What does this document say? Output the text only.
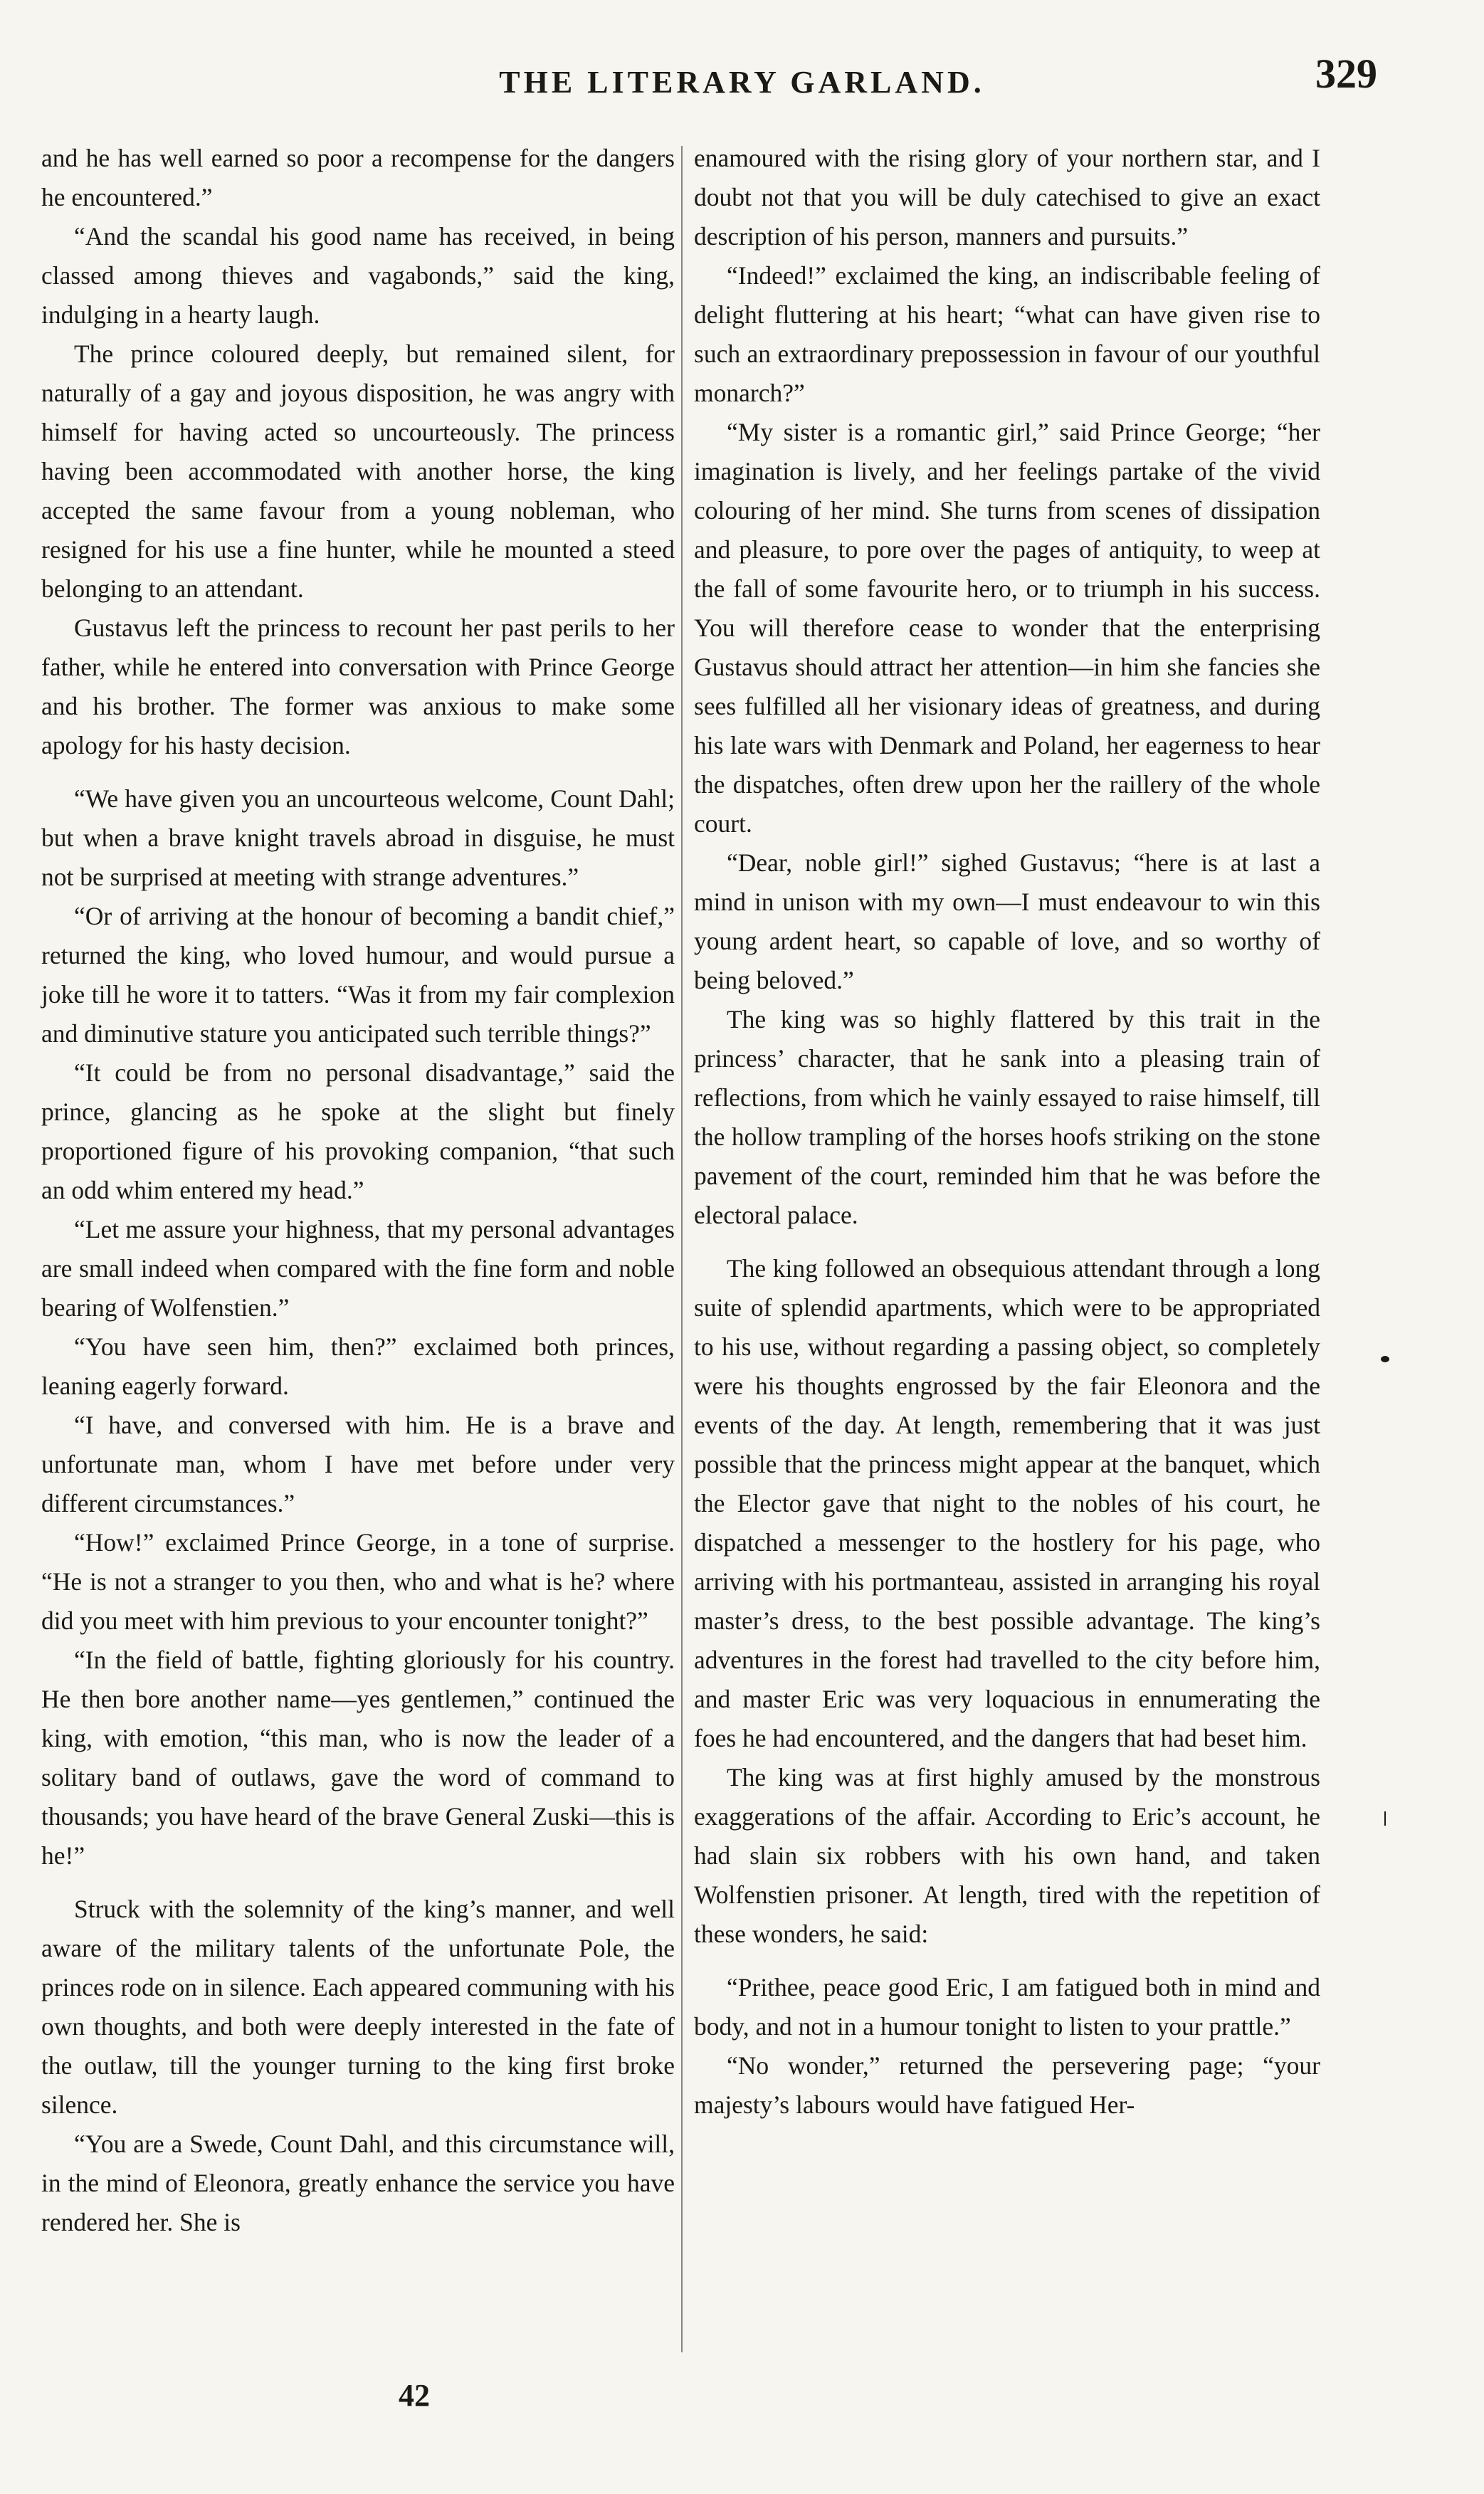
THE LITERARY GARLAND.	329

and he has well earned so poor a recompense for the dangers he encountered.”

“And the scandal his good name has received, in being classed among thieves and vagabonds,” said the king, indulging in a hearty laugh.

The prince coloured deeply, but remained silent, for naturally of a gay and joyous disposition, he was angry with himself for having acted so uncourteously. The princess having been accommodated with another horse, the king accepted the same favour from a young nobleman, who resigned for his use a fine hunter, while he mounted a steed belonging to an attendant.

Gustavus left the princess to recount her past perils to her father, while he entered into conversation with Prince George and his brother. The former was anxious to make some apology for his hasty decision.

“We have given you an uncourteous welcome, Count Dahl; but when a brave knight travels abroad in disguise, he must not be surprised at meeting with strange adventures.”

“Or of arriving at the honour of becoming a bandit chief,” returned the king, who loved humour, and would pursue a joke till he wore it to tatters. “Was it from my fair complexion and diminutive stature you anticipated such terrible things?”

“It could be from no personal disadvantage,” said the prince, glancing as he spoke at the slight but finely proportioned figure of his provoking companion, “that such an odd whim entered my head.”

“Let me assure your highness, that my personal advantages are small indeed when compared with the fine form and noble bearing of Wolfenstien.”

“You have seen him, then?” exclaimed both princes, leaning eagerly forward.

“I have, and conversed with him. He is a brave and unfortunate man, whom I have met before under very different circumstances.”

“How!” exclaimed Prince George, in a tone of surprise. “He is not a stranger to you then, who and what is he? where did you meet with him previous to your encounter tonight?”

“In the field of battle, fighting gloriously for his country. He then bore another name—yes gentlemen,” continued the king, with emotion, “this man, who is now the leader of a solitary band of outlaws, gave the word of command to thousands; you have heard of the brave General Zuski—this is he!”

Struck with the solemnity of the king’s manner, and well aware of the military talents of the unfortunate Pole, the princes rode on in silence. Each appeared communing with his own thoughts, and both were deeply interested in the fate of the outlaw, till the younger turning to the king first broke silence.

“You are a Swede, Count Dahl, and this circumstance will, in the mind of Eleonora, greatly enhance the service you have rendered her. She is

enamoured with the rising glory of your northern star, and I doubt not that you will be duly catechised to give an exact description of his person, manners and pursuits.”

“Indeed!” exclaimed the king, an indiscribable feeling of delight fluttering at his heart; “what can have given rise to such an extraordinary prepossession in favour of our youthful monarch?”

“My sister is a romantic girl,” said Prince George; “her imagination is lively, and her feelings partake of the vivid colouring of her mind. She turns from scenes of dissipation and pleasure, to pore over the pages of antiquity, to weep at the fall of some favourite hero, or to triumph in his success. You will therefore cease to wonder that the enterprising Gustavus should attract her attention—in him she fancies she sees fulfilled all her visionary ideas of greatness, and during his late wars with Denmark and Poland, her eagerness to hear the dispatches, often drew upon her the raillery of the whole court.

“Dear, noble girl!” sighed Gustavus; “here is at last a mind in unison with my own—I must endeavour to win this young ardent heart, so capable of love, and so worthy of being beloved.”

The king was so highly flattered by this trait in the princess’ character, that he sank into a pleasing train of reflections, from which he vainly essayed to raise himself, till the hollow trampling of the horses hoofs striking on the stone pavement of the court, reminded him that he was before the electoral palace.

The king followed an obsequious attendant through a long suite of splendid apartments, which were to be appropriated to his use, without regarding a passing object, so completely were his thoughts engrossed by the fair Eleonora and the events of the day. At length, remembering that it was just possible that the princess might appear at the banquet, which the Elector gave that night to the nobles of his court, he dispatched a messenger to the hostlery for his page, who arriving with his portmanteau, assisted in arranging his royal master’s dress, to the best possible advantage. The king’s adventures in the forest had travelled to the city before him, and master Eric was very loquacious in ennumerating the foes he had encountered, and the dangers that had beset him.

The king was at first highly amused by the monstrous exaggerations of the affair. According to Eric’s account, he had slain six robbers with his own hand, and taken Wolfenstien prisoner. At length, tired with the repetition of these wonders, he said:

“Prithee, peace good Eric, I am fatigued both in mind and body, and not in a humour tonight to listen to your prattle.”

“No wonder,” returned the persevering page; “your majesty’s labours would have fatigued Her-

42
